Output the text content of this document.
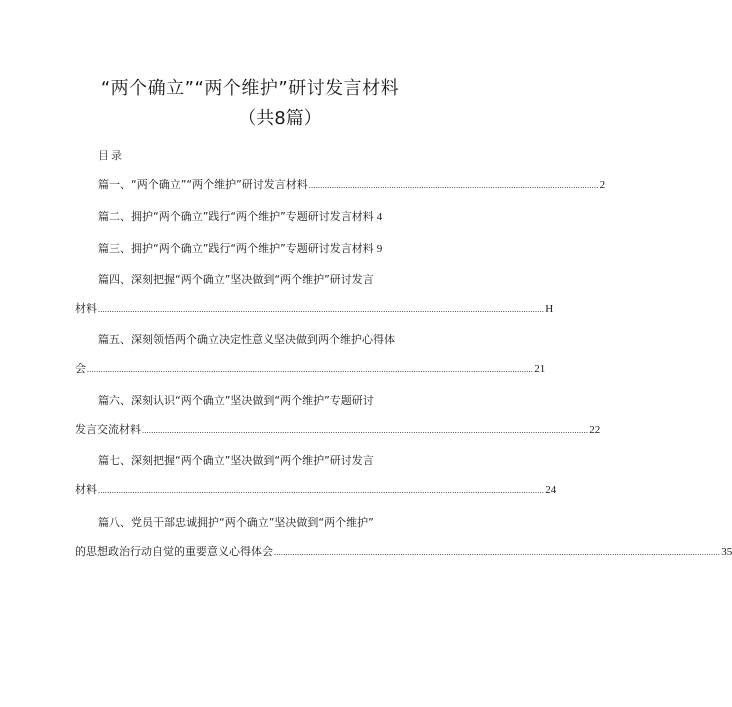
“两个确立”“两个维护”研讨发言材料
（共8篇）
目录
篇一、“两个确立”“两个维护”研讨发言材料 .............................................................................................................................. 2
篇二、拥护“两个确立”践行“两个维护”专题研讨发言材料 4
篇三、拥护“两个确立”践行“两个维护”专题研讨发言材料 9
篇四、深刻把握“两个确立”坚决做到“两个维护”研讨发言
材料 .................................................................................................................................................................................................. H
篇五、深刻领悟两个确立决定性意义坚决做到两个维护心得体
会 .................................................................................................................................................................................................. 21
篇六、深刻认识“两个确立”坚决做到“两个维护”专题研讨
发言交流材料 .................................................................................................................................................................................................. 22
篇七、深刻把握“两个确立”坚决做到“两个维护”研讨发言
材料 .................................................................................................................................................................................................. 24
篇八、党员干部忠诚拥护“两个确立”坚决做到“两个维护”
的思想政治行动自觉的重要意义心得体会 .................................................................................................................................................................................................. 35
